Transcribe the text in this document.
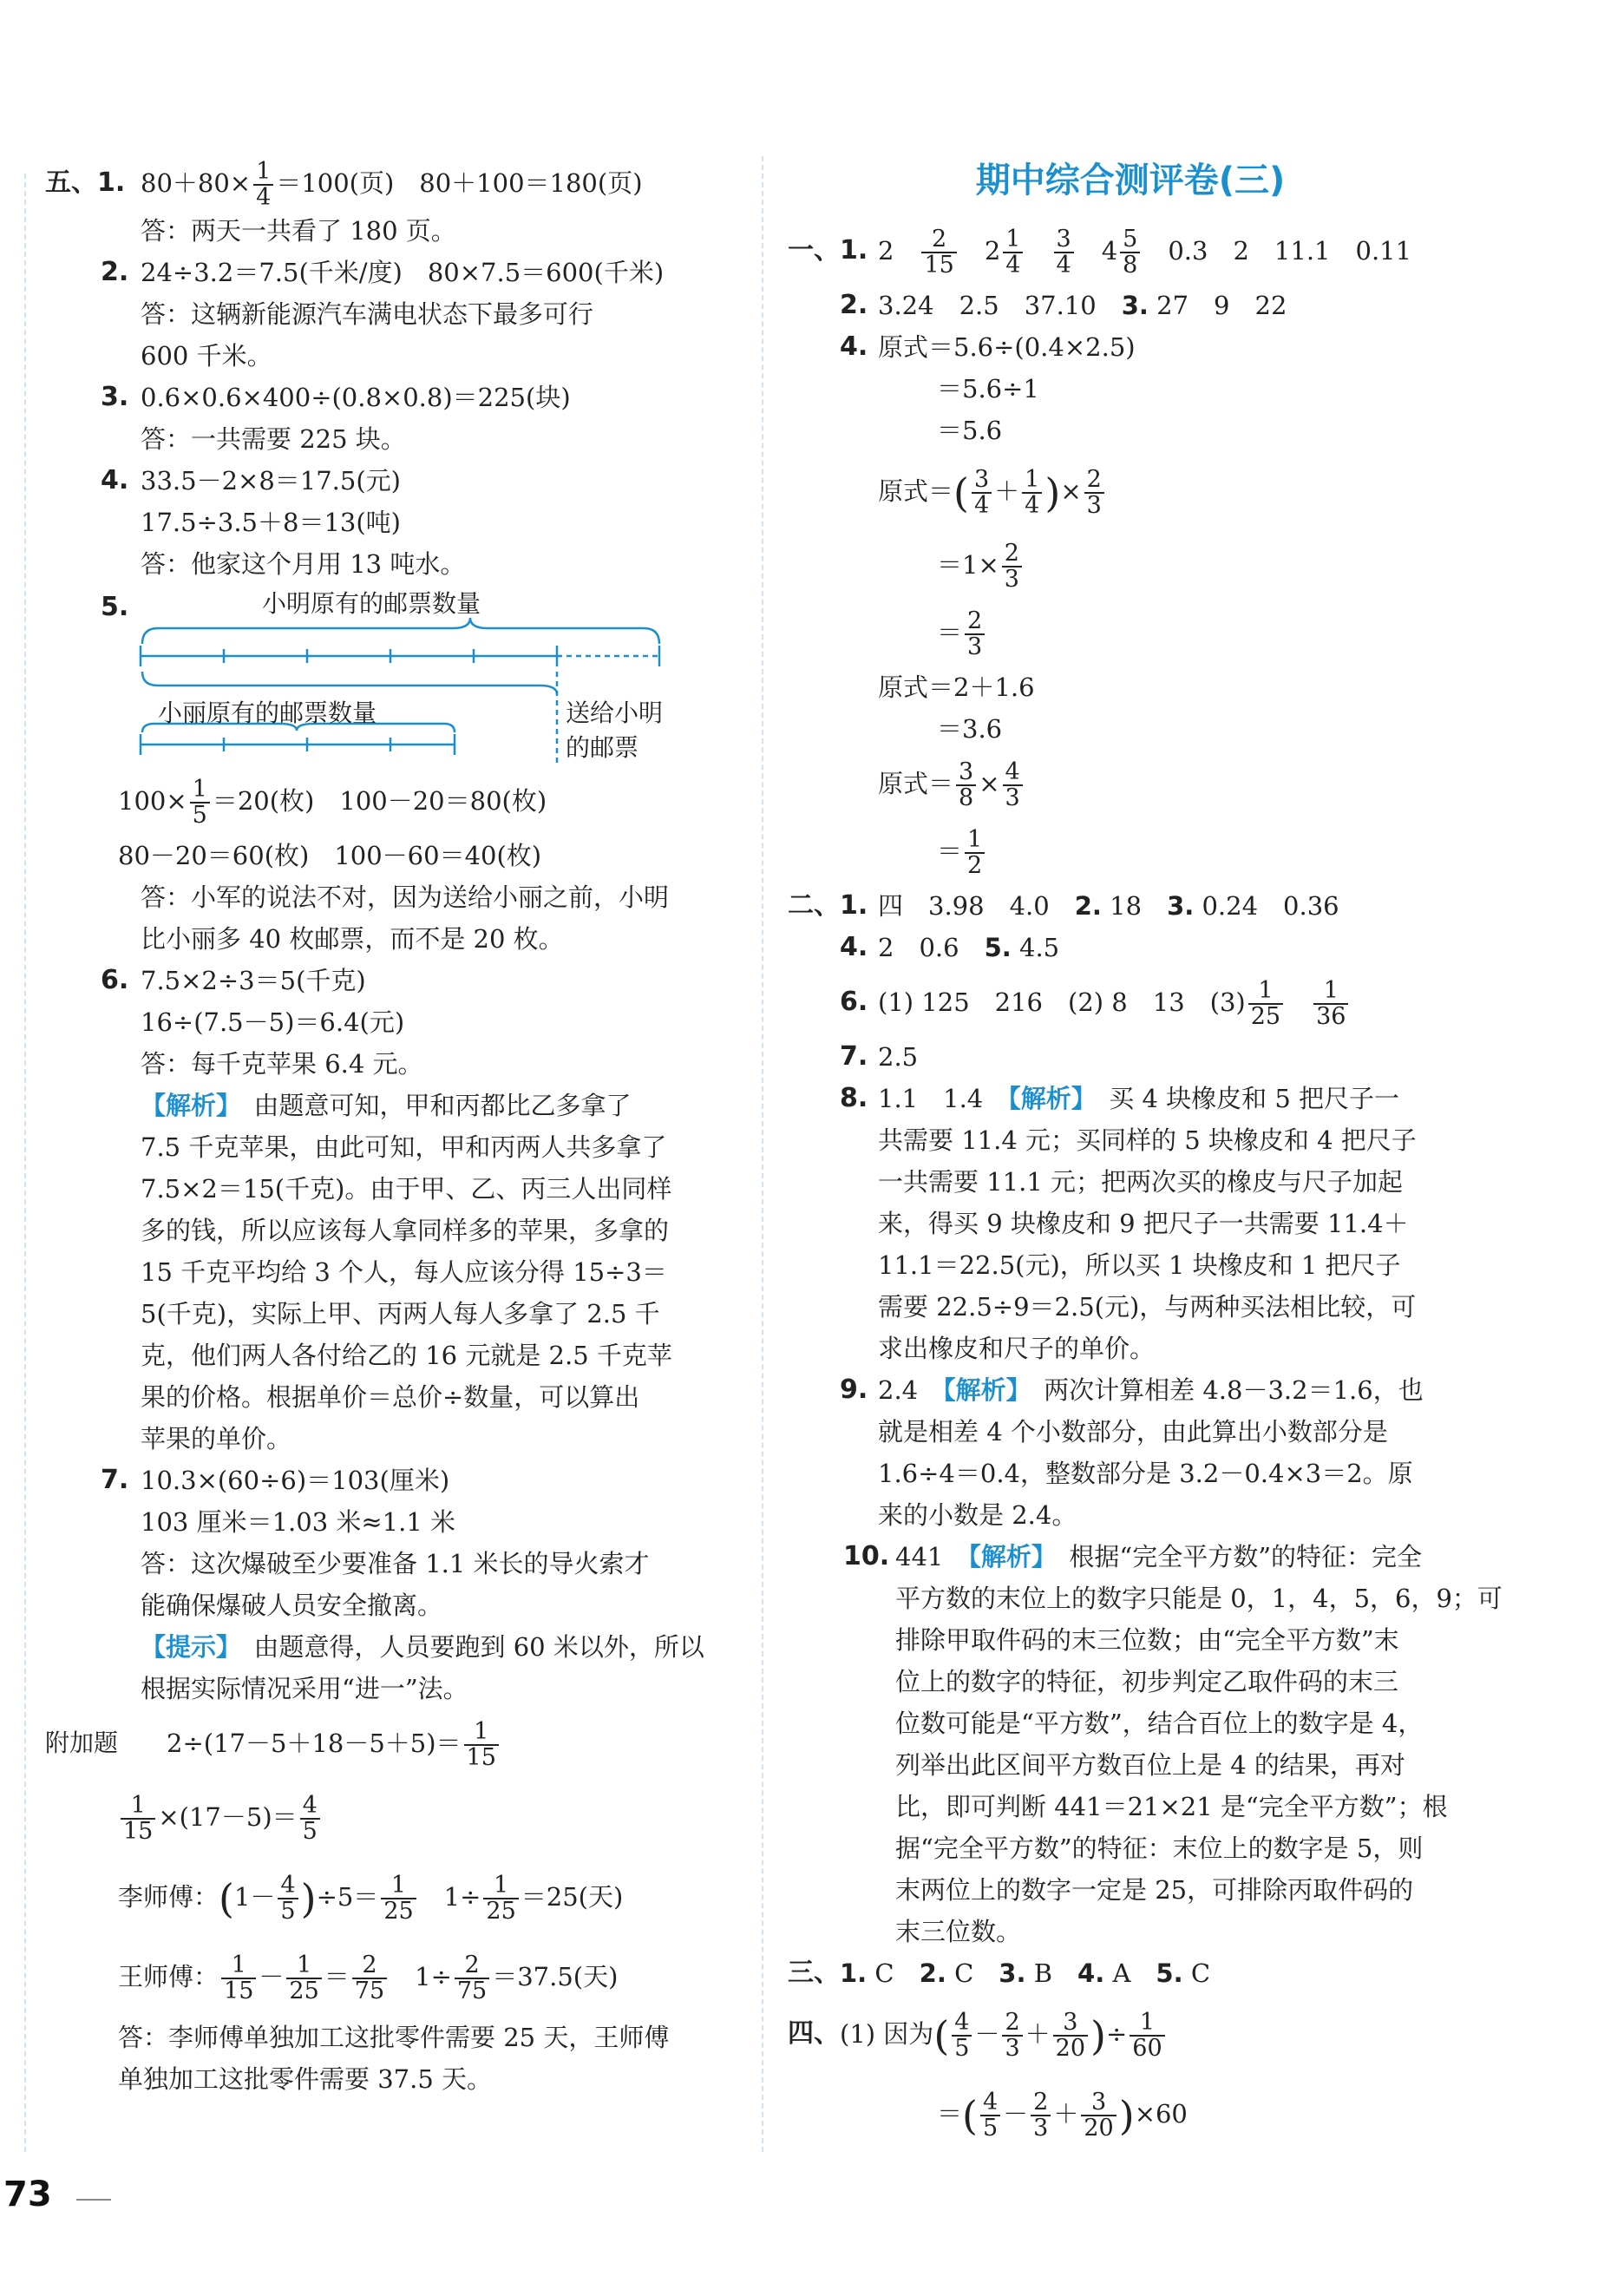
五、 1. $80+80\times \frac{1}{4} =100$(页)　80＋100＝180(页)
答：两天一共看了 180 页。
2. 24÷3.2＝7.5(千米/度)　80×7.5＝600(千米)
答：这辆新能源汽车满电状态下最多可行
600 千米。
3. 0.6×0.6×400÷(0.8×0.8)＝225(块)
答：一共需要 225 块。
4. 33.5－2×8＝17.5(元)
17.5÷3.5＋8＝13(吨)
答：他家这个月用 13 吨水。
5.	小明原有的邮票数量
小丽原有的邮票数量	送给小明
的邮票
$100\times \frac{1}{5} =20$(枚)　100－20＝80(枚)
80－20＝60(枚)　100－60＝40(枚)
答：小军的说法不对，因为送给小丽之前，小明
比小丽多 40 枚邮票，而不是 20 枚。
6. 7.5×2÷3＝5(千克)
16÷(7.5－5)＝6.4(元)
答：每千克苹果 6.4 元。
【解析】　由题意可知，甲和丙都比乙多拿了
7.5 千克苹果，由此可知，甲和丙两人共多拿了
7.5×2＝15(千克)。由于甲、乙、丙三人出同样
多的钱，所以应该每人拿同样多的苹果，多拿的
15 千克平均给 3 个人，每人应该分得 15÷3＝
5(千克)，实际上甲、丙两人每人多拿了 2.5 千
克，他们两人各付给乙的 16 元就是 2.5 千克苹
果的价格。根据单价＝总价÷数量，可以算出
苹果的单价。
7. 10.3×(60÷6)＝103(厘米)
103 厘米＝1.03 米≈1.1 米
答：这次爆破至少要准备 1.1 米长的导火索才
能确保爆破人员安全撤离。
【提示】　由题意得，人员要跑到 60 米以外，所以
根据实际情况采用“进一”法。
附加题 $2\div(17-5+18-5+5)= \frac{1}{15}$
$\frac{1}{15} \times(17-5)= \frac{4}{5}$
李师傅：$(1- \frac{4}{5} )\div 5= \frac{1}{25}$ 　$1\div \frac{1}{25} =25$(天)
王师傅： $\frac{1}{15} - \frac{1}{25} = \frac{2}{75}$ 　$1\div \frac{2}{75} =37.5$(天)
答：李师傅单独加工这批零件需要 25 天，王师傅
单独加工这批零件需要 37.5 天。
期中综合测评卷(三)
一、 1. 2　 $\frac{2}{15}$
　 $2 \frac{1}{4}$
　 $\frac{3}{4}$
　 $4 \frac{5}{8}$
　 0.3　2　11.1　0.11
2. 3.24　2.5　37.10　 3. 27　9　22
4. 原式＝5.6÷(0.4×2.5)
＝5.6÷1
＝5.6
原式＝( $\frac{3}{4} + \frac{1}{4}$ )× $\frac{2}{3}$
$=1\times \frac{2}{3}$
＝ $\frac{2}{3}$
原式＝2＋1.6
＝3.6
原式＝ $\frac{3}{8} \times \frac{4}{3}$
＝ $\frac{1}{2}$
二、 1. 四　3.98　4.0　 2. 18　 3. 0.24　0.36
4. 2　0.6　 5. 4.5
6. (1) 125　216　(2) 8　13　$(3) \frac{1}{25}$
　 $\frac{1}{36}$
7. 2.5
8. 1.1　1.4　【解析】　买 4 块橡皮和 5 把尺子一
共需要 11.4 元；买同样的 5 块橡皮和 4 把尺子
一共需要 11.1 元；把两次买的橡皮与尺子加起
来，得买 9 块橡皮和 9 把尺子一共需要 11.4＋
11.1＝22.5(元)，所以买 1 块橡皮和 1 把尺子
需要 22.5÷9＝2.5(元)，与两种买法相比较，可
求出橡皮和尺子的单价。
9. 2.4　【解析】　两次计算相差 4.8－3.2＝1.6，也
就是相差 4 个小数部分，由此算出小数部分是
1.6÷4＝0.4，整数部分是 3.2－0.4×3＝2。原
来的小数是 2.4。
10. 441　【解析】　根据“完全平方数”的特征：完全
平方数的末位上的数字只能是 0，1，4，5，6，9；可
排除甲取件码的末三位数；由“完全平方数”末
位上的数字的特征，初步判定乙取件码的末三
位数可能是“平方数”，结合百位上的数字是 4，
列举出此区间平方数百位上是 4 的结果，再对
比，即可判断 441＝21×21 是“完全平方数”；根
据“完全平方数”的特征：末位上的数字是 5，则
末两位上的数字一定是 25，可排除丙取件码的
末三位数。
三、 1. C　 2. C　 3. B　 4. A　 5. C
四、 (1) 因为( $\frac{4}{5} - \frac{2}{3} + \frac{3}{20}$ )÷ $\frac{1}{60}$
＝( $\frac{4}{5} - \frac{2}{3} + \frac{3}{20} )\times 60$
73
